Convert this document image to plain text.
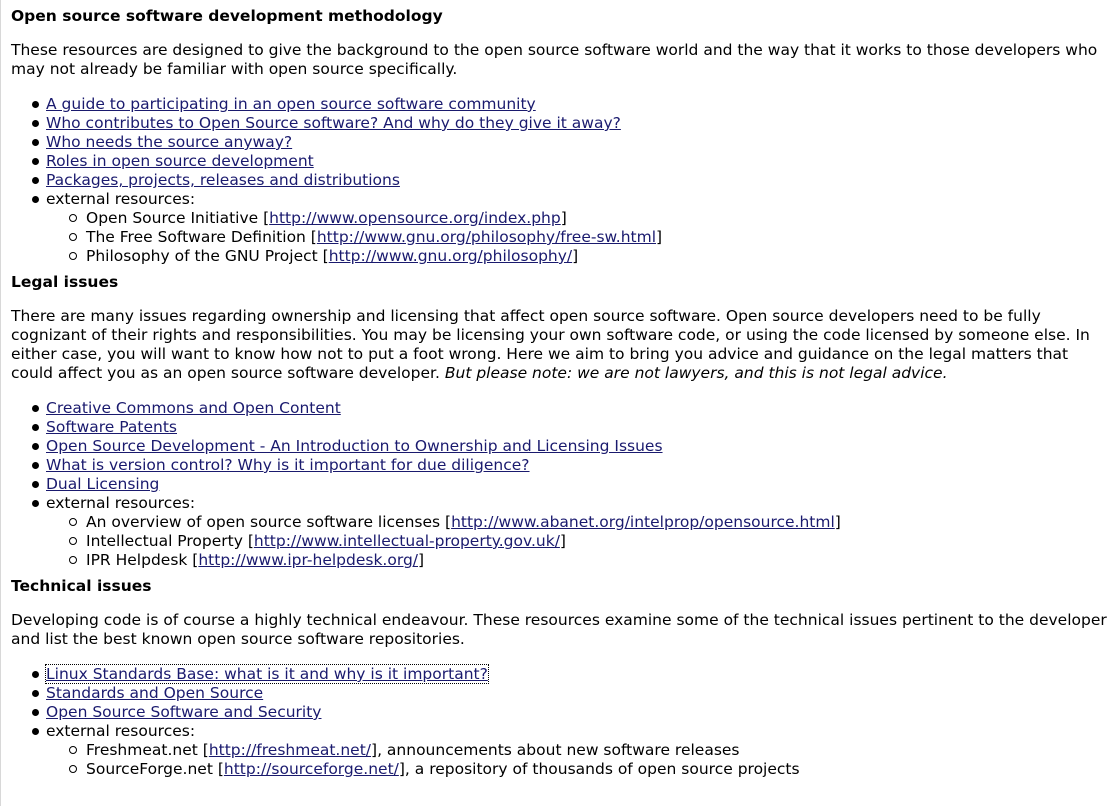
Open source software development methodology

These resources are designed to give the background to the open source software world and the way that it works to those developers who may not already be familiar with open source specifically.

A guide to participating in an open source software community
Who contributes to Open Source software? And why do they give it away?
Who needs the source anyway?
Roles in open source development
Packages, projects, releases and distributions
external resources:
Open Source Initiative [http://www.opensource.org/index.php]
The Free Software Definition [http://www.gnu.org/philosophy/free-sw.html]
Philosophy of the GNU Project [http://www.gnu.org/philosophy/]
Legal issues

There are many issues regarding ownership and licensing that affect open source software. Open source developers need to be fully cognizant of their rights and responsibilities. You may be licensing your own software code, or using the code licensed by someone else. In either case, you will want to know how not to put a foot wrong. Here we aim to bring you advice and guidance on the legal matters that could affect you as an open source software developer. But please note: we are not lawyers, and this is not legal advice.

Creative Commons and Open Content
Software Patents
Open Source Development - An Introduction to Ownership and Licensing Issues
What is version control? Why is it important for due diligence?
Dual Licensing
external resources:
An overview of open source software licenses [http://www.abanet.org/intelprop/opensource.html]
Intellectual Property [http://www.intellectual-property.gov.uk/]
IPR Helpdesk [http://www.ipr-helpdesk.org/]
Technical issues

Developing code is of course a highly technical endeavour. These resources examine some of the technical issues pertinent to the developer and list the best known open source software repositories.

Linux Standards Base: what is it and why is it important?
Standards and Open Source
Open Source Software and Security
external resources:
Freshmeat.net [http://freshmeat.net/], announcements about new software releases
SourceForge.net [http://sourceforge.net/], a repository of thousands of open source projects
